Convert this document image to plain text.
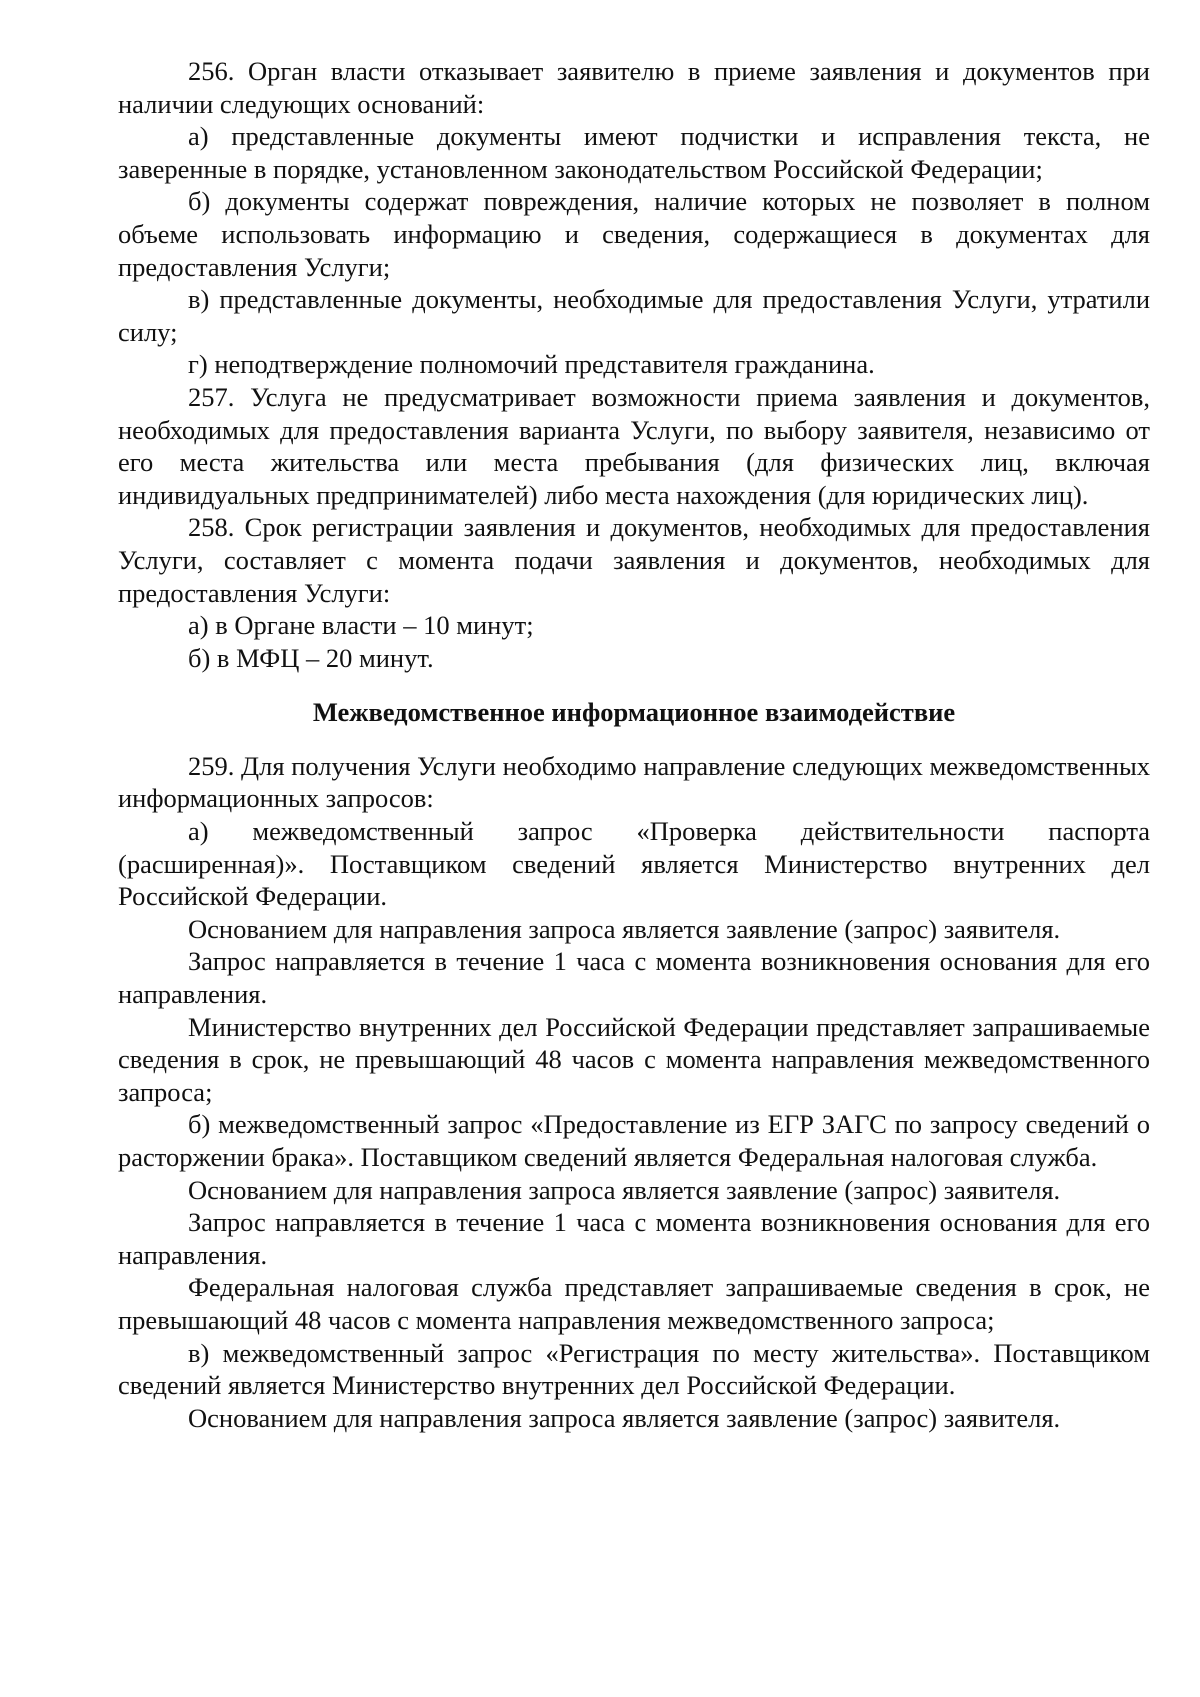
256. Орган власти отказывает заявителю в приеме заявления и документов при наличии следующих оснований:

а) представленные документы имеют подчистки и исправления текста, не заверенные в порядке, установленном законодательством Российской Федерации;

б) документы содержат повреждения, наличие которых не позволяет в полном объеме использовать информацию и сведения, содержащиеся в документах для предоставления Услуги;

в) представленные документы, необходимые для предоставления Услуги, утратили силу;

г) неподтверждение полномочий представителя гражданина.

257. Услуга не предусматривает возможности приема заявления и документов, необходимых для предоставления варианта Услуги, по выбору заявителя, независимо от его места жительства или места пребывания (для физических лиц, включая индивидуальных предпринимателей) либо места нахождения (для юридических лиц).

258. Срок регистрации заявления и документов, необходимых для предоставления Услуги, составляет с момента подачи заявления и документов, необходимых для предоставления Услуги:

а) в Органе власти – 10 минут;

б) в МФЦ – 20 минут.

Межведомственное информационное взаимодействие

259. Для получения Услуги необходимо направление следующих межведомственных информационных запросов:

а) межведомственный запрос «Проверка действительности паспорта (расширенная)». Поставщиком сведений является Министерство внутренних дел Российской Федерации.

Основанием для направления запроса является заявление (запрос) заявителя.

Запрос направляется в течение 1 часа с момента возникновения основания для его направления.

Министерство внутренних дел Российской Федерации представляет запрашиваемые сведения в срок, не превышающий 48 часов с момента направления межведомственного запроса;

б) межведомственный запрос «Предоставление из ЕГР ЗАГС по запросу сведений о расторжении брака». Поставщиком сведений является Федеральная налоговая служба.

Основанием для направления запроса является заявление (запрос) заявителя.

Запрос направляется в течение 1 часа с момента возникновения основания для его направления.

Федеральная налоговая служба представляет запрашиваемые сведения в срок, не превышающий 48 часов с момента направления межведомственного запроса;

в) межведомственный запрос «Регистрация по месту жительства». Поставщиком сведений является Министерство внутренних дел Российской Федерации.

Основанием для направления запроса является заявление (запрос) заявителя.
